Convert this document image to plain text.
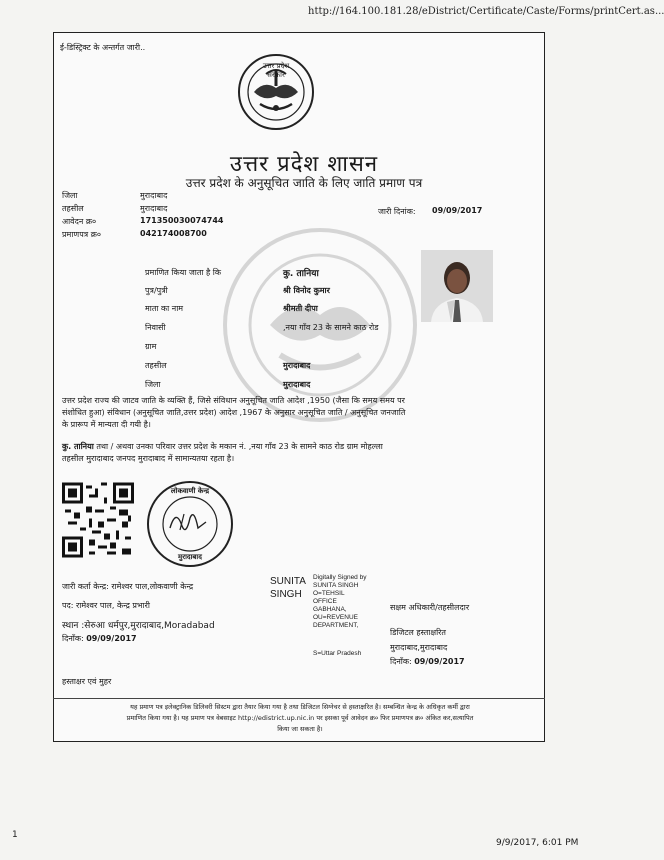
http://164.100.181.28/eDistrict/Certificate/Caste/Forms/printCert.as...
ई-डिस्ट्रिक्ट के अन्तर्गत जारी..
उत्तर प्रदेश सरकार
उत्तर प्रदेश शासन
उत्तर प्रदेश के अनुसूचित जाति के लिए जाति प्रमाण पत्र
जिला	मुरादाबाद
तहसील	मुरादाबाद
आवेदन क्र०	171350030074744
प्रमाणपत्र क्र०	042174008700
जारी दिनांक: 09/09/2017
प्रमाणित किया जाता है कि	कु. तानिया
पुत्र/पुत्री	श्री विनोद कुमार
माता का नाम	श्रीमती दीपा
निवासी	,नया गाँव 23 के सामने काठ रोड
ग्राम
तहसील	मुरादाबाद
जिला	मुरादाबाद
उत्तर प्रदेश राज्य की जाटव जाति के व्यक्ति हैं, जिसे संविधान अनुसूचित जाति आदेश ,1950 (जैसा कि समय समय पर
संशोधित हुआ) संविधान (अनुसूचित जाति,उत्तर प्रदेश) आदेश ,1967 के अनुसार अनुसूचित जाति / अनुसूचित जनजाति
के प्रारूप में मान्यता दी गयी है।
कु. तानिया तथा / अथवा उनका परिवार उत्तर प्रदेश के मकान नं. ,नया गाँव 23 के सामने काठ रोड ग्राम मोहल्ला
तहसील मुरादाबाद जनपद मुरादाबाद में सामान्यतया रहता है।
लोकवाणी केन्द्र
मुरादाबाद
जारी कर्ता केन्द्र: रामेश्वर पाल,लोकवाणी केन्द्र
पद: रामेश्वर पाल, केन्द्र प्रभारी
स्थान :सेरुआ धर्मपुर,मुरादाबाद,Moradabad
दिनाँक: 09/09/2017
SUNITA
SINGH
Digitally Signed by
SUNITA SINGH
O=TEHSIL
OFFICE
GABHANA,
OU=REVENUE
DEPARTMENT,
S=Uttar Pradesh
सक्षम अधिकारी/तहसीलदार
डिजिटल हस्ताक्षरित
मुरादाबाद,मुरादाबाद
दिनाँक: 09/09/2017
हस्ताक्षर एवं मुहर
यह प्रमाण पत्र इलेक्ट्रानिक डिलिवरी सिस्टम द्वारा तैयार किया गया है तथा डिजिटल सिग्नेचर से हस्ताक्षरित है। सम्बन्धित केन्द्र के अधिकृत कर्मी द्वारा
प्रमाणित किया गया है। यह प्रमाण पत्र वेबसाइट http://edistrict.up.nic.in पर इसका पूर्व आवेदन क्र० फिर प्रमाणपत्र क्र० अंकित कर,सत्यापित
किया जा सकता है।
1
9/9/2017, 6:01 PM
